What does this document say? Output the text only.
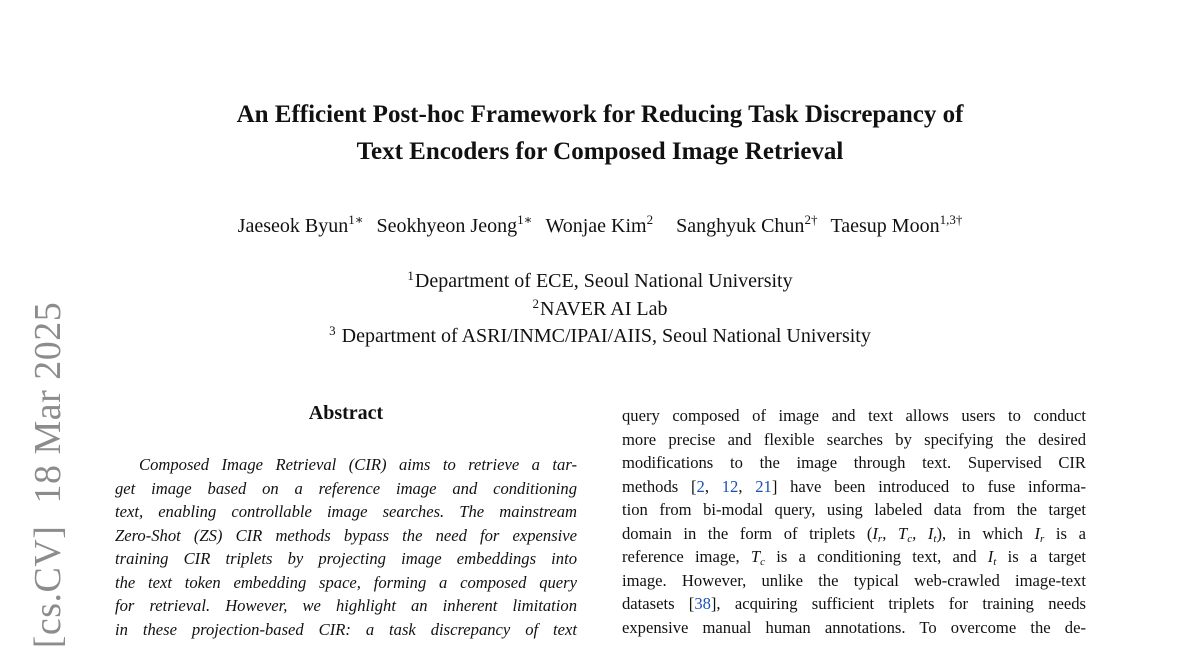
[cs.CV]18 Mar 2025
An Efficient Post-hoc Framework for Reducing Task Discrepancy of
Text Encoders for Composed Image Retrieval
Jaeseok Byun$^{1∗}$ Seokhyeon Jeong$^{1∗}$ Wonjae Kim$^2$ Sanghyuk Chun$^{2\dagger}$ Taesup Moon$^{1,3\dagger}$
$^1$Department of ECE, Seoul National University
$^2$NAVER AI Lab
$^3$ Department of ASRI/INMC/IPAI/AIIS, Seoul National University
Abstract
Composed Image Retrieval (CIR) aims to retrieve a tar-
get image based on a reference image and conditioning
text, enabling controllable image searches. The mainstream
Zero-Shot (ZS) CIR methods bypass the need for expensive
training CIR triplets by projecting image embeddings into
the text token embedding space, forming a composed query
for retrieval. However, we highlight an inherent limitation
in these projection-based CIR: a task discrepancy of text
query composed of image and text allows users to conduct
more precise and flexible searches by specifying the desired
modifications to the image through text. Supervised CIR
methods [2, 12, 21] have been introduced to fuse informa-
tion from bi-modal query, using labeled data from the target
domain in the form of triplets ($I_r$, $T_c$, $I_t$), in which $I_r$ is a
reference image, $T_c$ is a conditioning text, and $I_t$ is a target
image. However, unlike the typical web-crawled image-text
datasets [38], acquiring sufficient triplets for training needs
expensive manual human annotations. To overcome the de-
